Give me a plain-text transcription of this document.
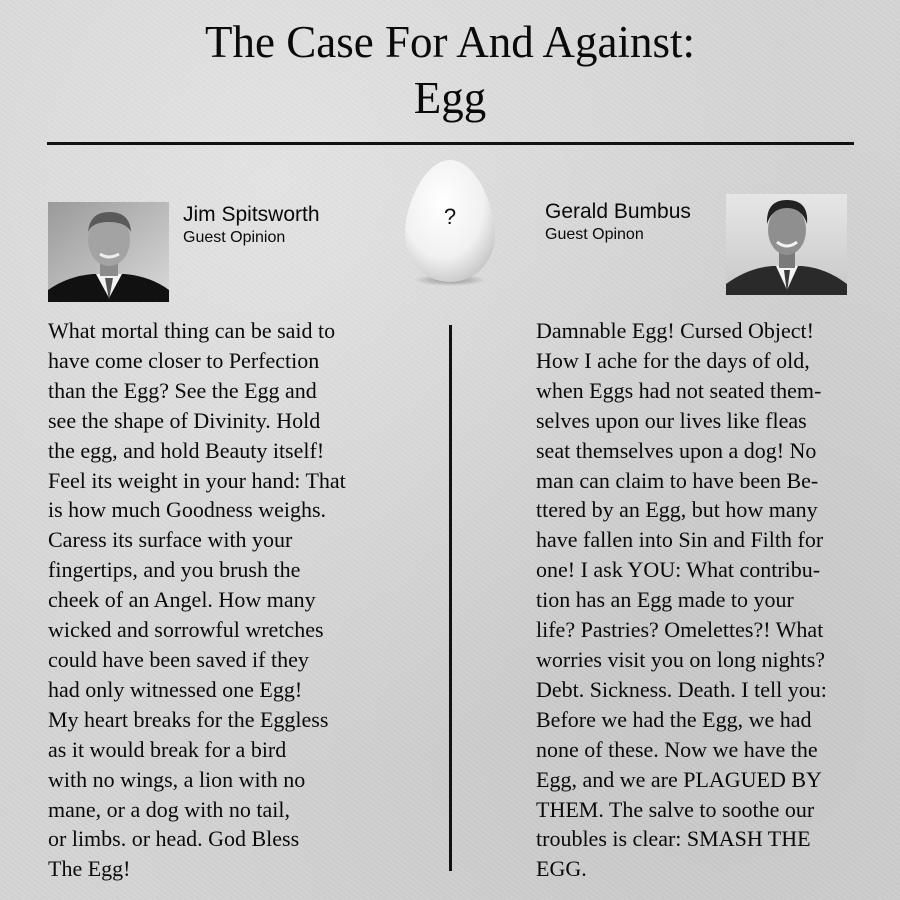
The Case For And Against:
Egg
Jim Spitsworth
Guest Opinion
?	Gerald Bumbus
Guest Opinon
What mortal thing can be said to
have come closer to Perfection
than the Egg? See the Egg and
see the shape of Divinity. Hold
the egg, and hold Beauty itself!
Feel its weight in your hand: That
is how much Goodness weighs.
Caress its surface with your
fingertips, and you brush the
cheek of an Angel. How many
wicked and sorrowful wretches
could have been saved if they
had only witnessed one Egg!
My heart breaks for the Eggless
as it would break for a bird
with no wings, a lion with no
mane, or a dog with no tail,
or limbs. or head. God Bless
The Egg!
Damnable Egg! Cursed Object!
How I ache for the days of old,
when Eggs had not seated them-
selves upon our lives like fleas
seat themselves upon a dog! No
man can claim to have been Be-
ttered by an Egg, but how many
have fallen into Sin and Filth for
one! I ask YOU: What contribu-
tion has an Egg made to your
life? Pastries? Omelettes?! What
worries visit you on long nights?
Debt. Sickness. Death. I tell you:
Before we had the Egg, we had
none of these. Now we have the
Egg, and we are PLAGUED BY
THEM. The salve to soothe our
troubles is clear: SMASH THE
EGG.
